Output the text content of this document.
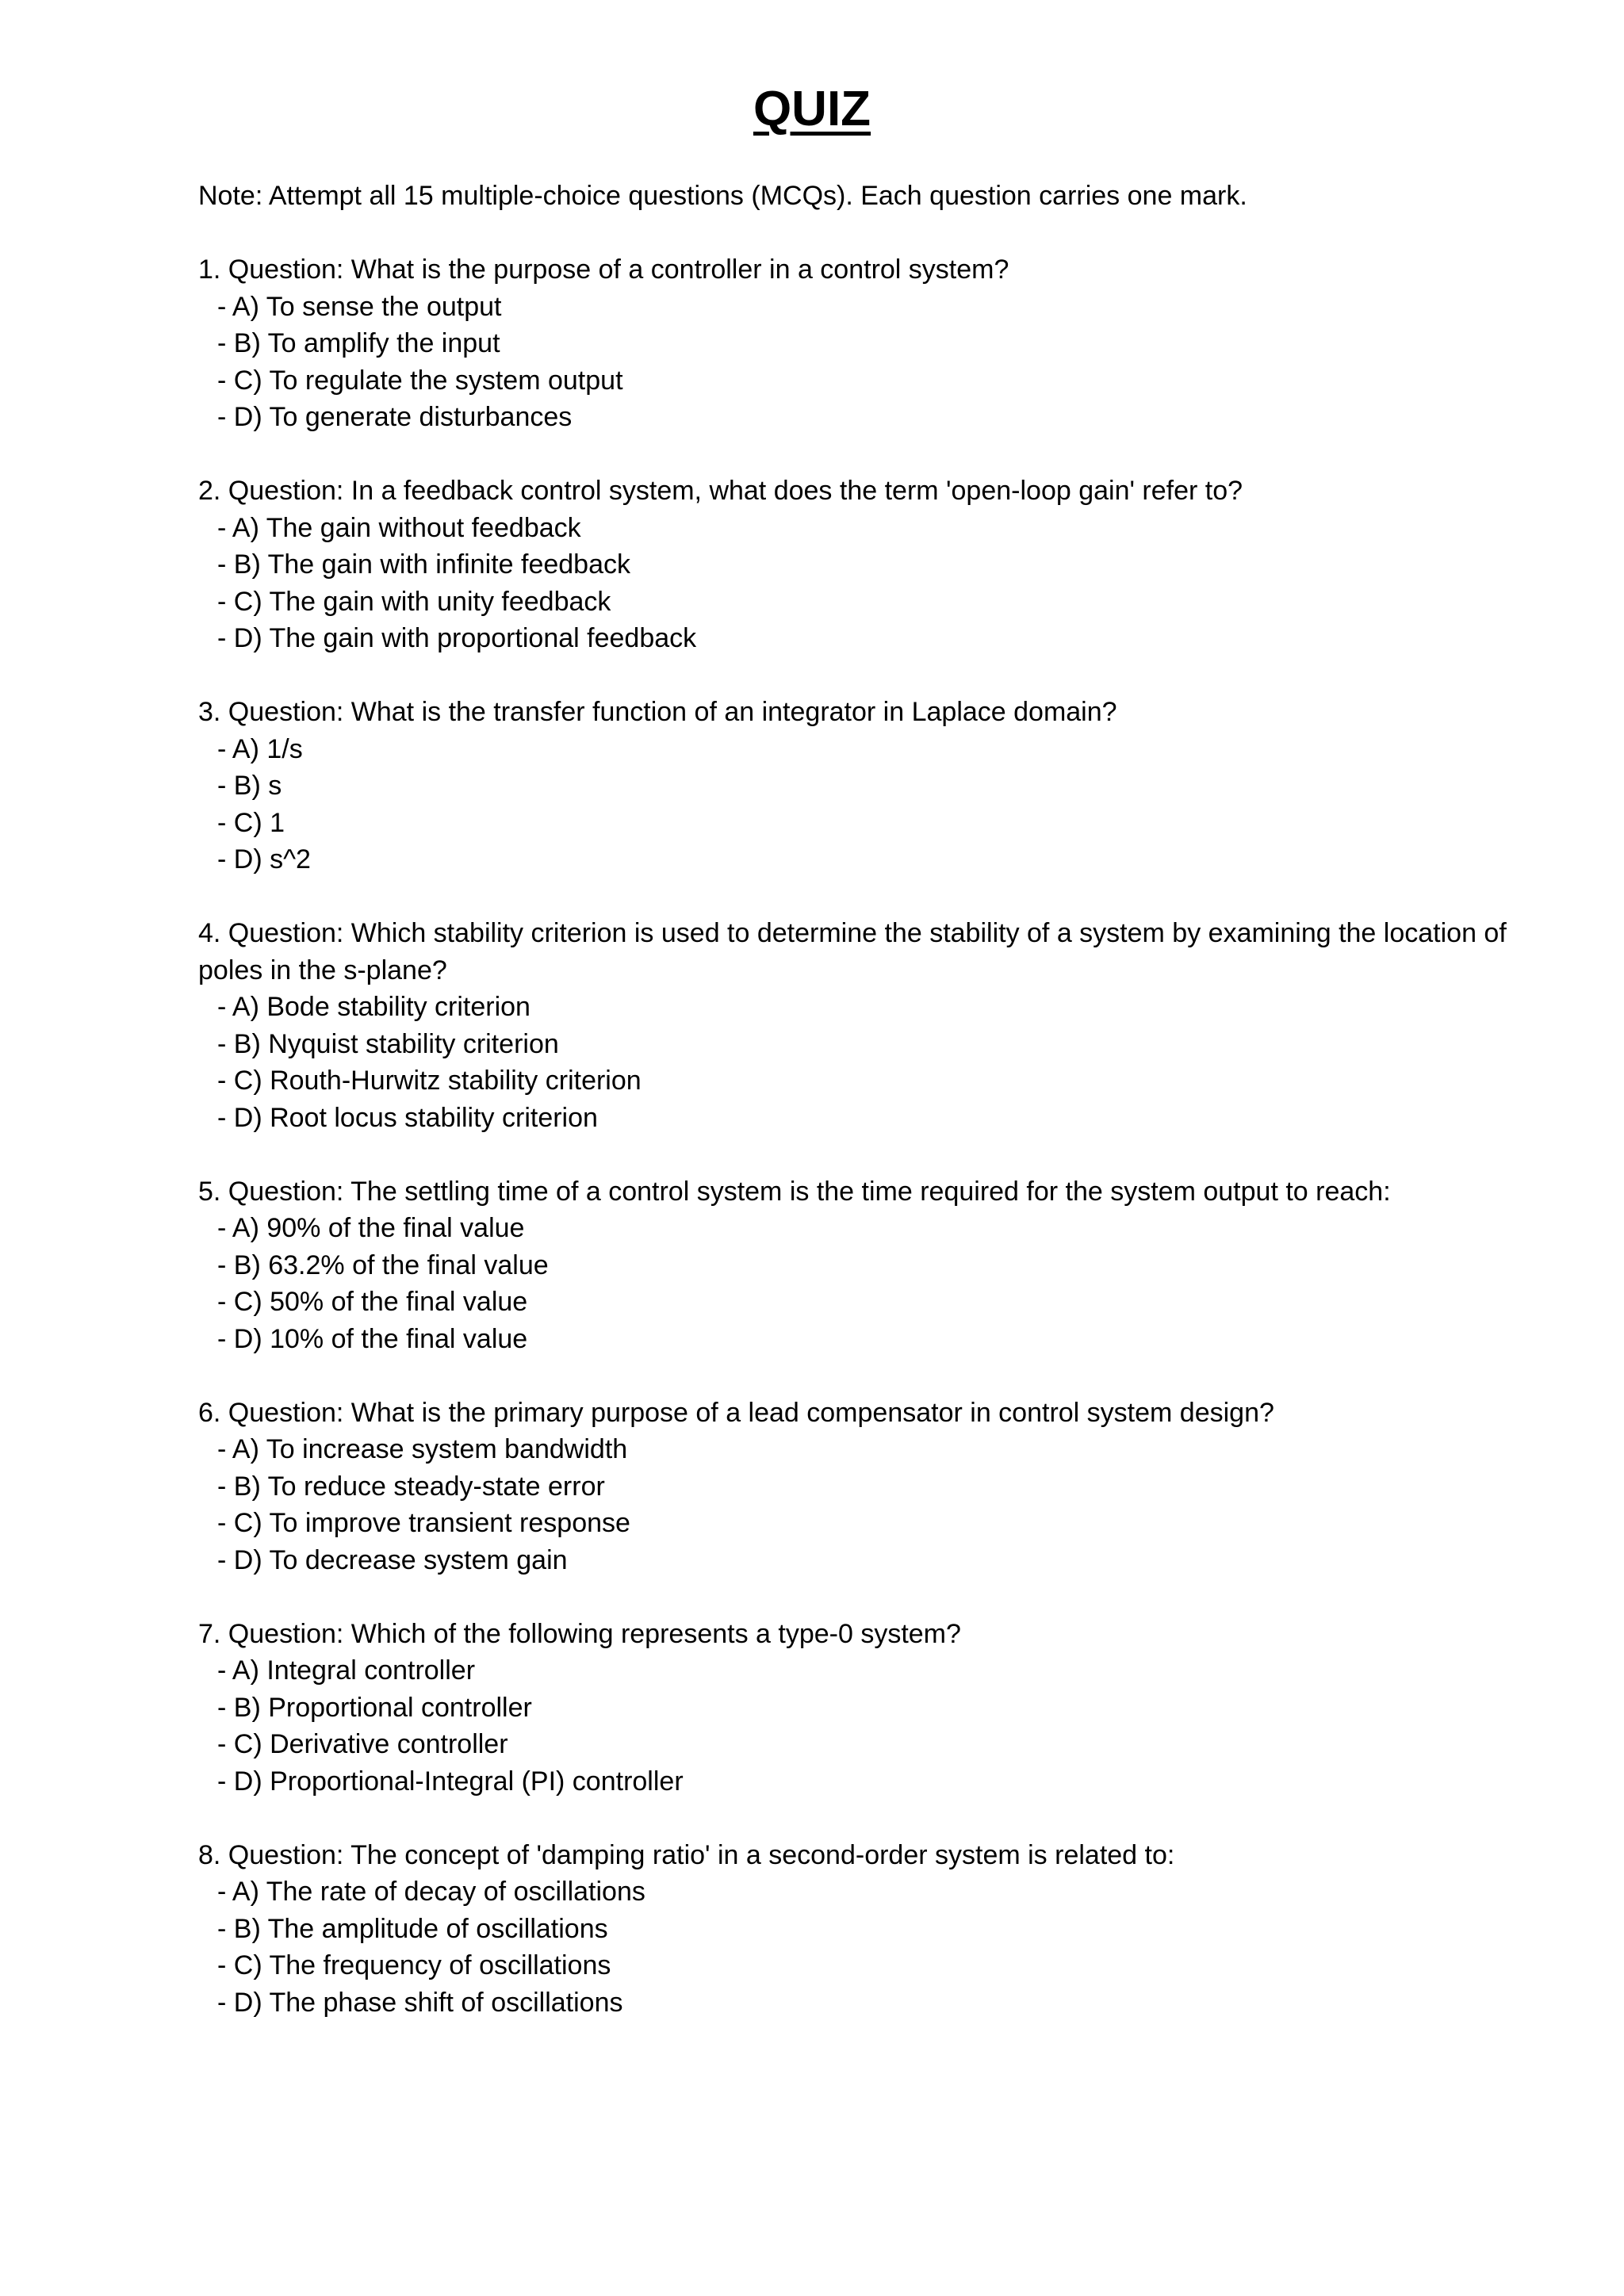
QUIZ

Note: Attempt all 15 multiple-choice questions (MCQs). Each question carries one mark.

1. Question: What is the purpose of a controller in a control system?

- A) To sense the output

- B) To amplify the input

- C) To regulate the system output

- D) To generate disturbances

2. Question: In a feedback control system, what does the term 'open-loop gain' refer to?

- A) The gain without feedback

- B) The gain with infinite feedback

- C) The gain with unity feedback

- D) The gain with proportional feedback

3. Question: What is the transfer function of an integrator in Laplace domain?

- A) 1/s

- B) s

- C) 1

- D) s^2

4. Question: Which stability criterion is used to determine the stability of a system by examining the location of poles in the s-plane?

- A) Bode stability criterion

- B) Nyquist stability criterion

- C) Routh-Hurwitz stability criterion

- D) Root locus stability criterion

5. Question: The settling time of a control system is the time required for the system output to reach:

- A) 90% of the final value

- B) 63.2% of the final value

- C) 50% of the final value

- D) 10% of the final value

6. Question: What is the primary purpose of a lead compensator in control system design?

- A) To increase system bandwidth

- B) To reduce steady-state error

- C) To improve transient response

- D) To decrease system gain

7. Question: Which of the following represents a type-0 system?

- A) Integral controller

- B) Proportional controller

- C) Derivative controller

- D) Proportional-Integral (PI) controller

8. Question: The concept of 'damping ratio' in a second-order system is related to:

- A) The rate of decay of oscillations

- B) The amplitude of oscillations

- C) The frequency of oscillations

- D) The phase shift of oscillations
